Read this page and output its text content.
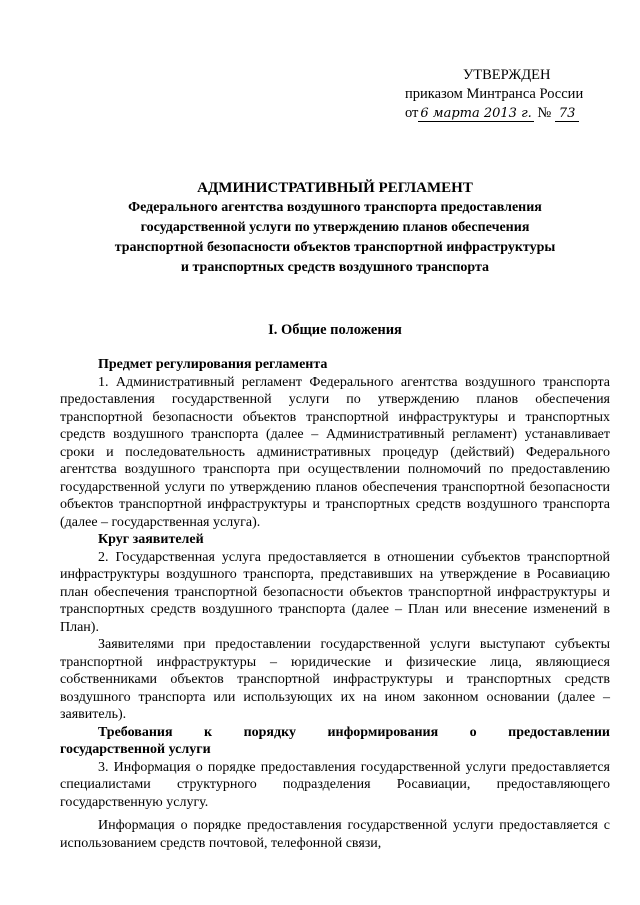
УТВЕРЖДЕН
приказом Минтранса России
от 6 марта 2013 г. № 73
АДМИНИСТРАТИВНЫЙ РЕГЛАМЕНТ
Федерального агентства воздушного транспорта предоставления
государственной услуги по утверждению планов обеспечения
транспортной безопасности объектов транспортной инфраструктуры
и транспортных средств воздушного транспорта
I. Общие положения
Предмет регулирования регламента

1. Административный регламент Федерального агентства воздушного транспорта предоставления государственной услуги по утверждению планов обеспечения транспортной безопасности объектов транспортной инфраструктуры и транспортных средств воздушного транспорта (далее – Административный регламент) устанавливает сроки и последовательность административных процедур (действий) Федерального агентства воздушного транспорта при осуществлении полномочий по предоставлению государственной услуги по утверждению планов обеспечения транспортной безопасности объектов транспортной инфраструктуры и транспортных средств воздушного транспорта (далее – государственная услуга).

Круг заявителей

2. Государственная услуга предоставляется в отношении субъектов транспортной инфраструктуры воздушного транспорта, представивших на утверждение в Росавиацию план обеспечения транспортной безопасности объектов транспортной инфраструктуры и транспортных средств воздушного транспорта (далее – План или внесение изменений в План).

Заявителями при предоставлении государственной услуги выступают субъекты транспортной инфраструктуры – юридические и физические лица, являющиеся собственниками объектов транспортной инфраструктуры и транспортных средств воздушного транспорта или использующих их на ином законном основании (далее – заявитель).

Требования к порядку информирования о предоставлении
государственной услуги

3. Информация о порядке предоставления государственной услуги предоставляется специалистами структурного подразделения Росавиации, предоставляющего государственную услугу.

Информация о порядке предоставления государственной услуги предоставляется с использованием средств почтовой, телефонной связи,
